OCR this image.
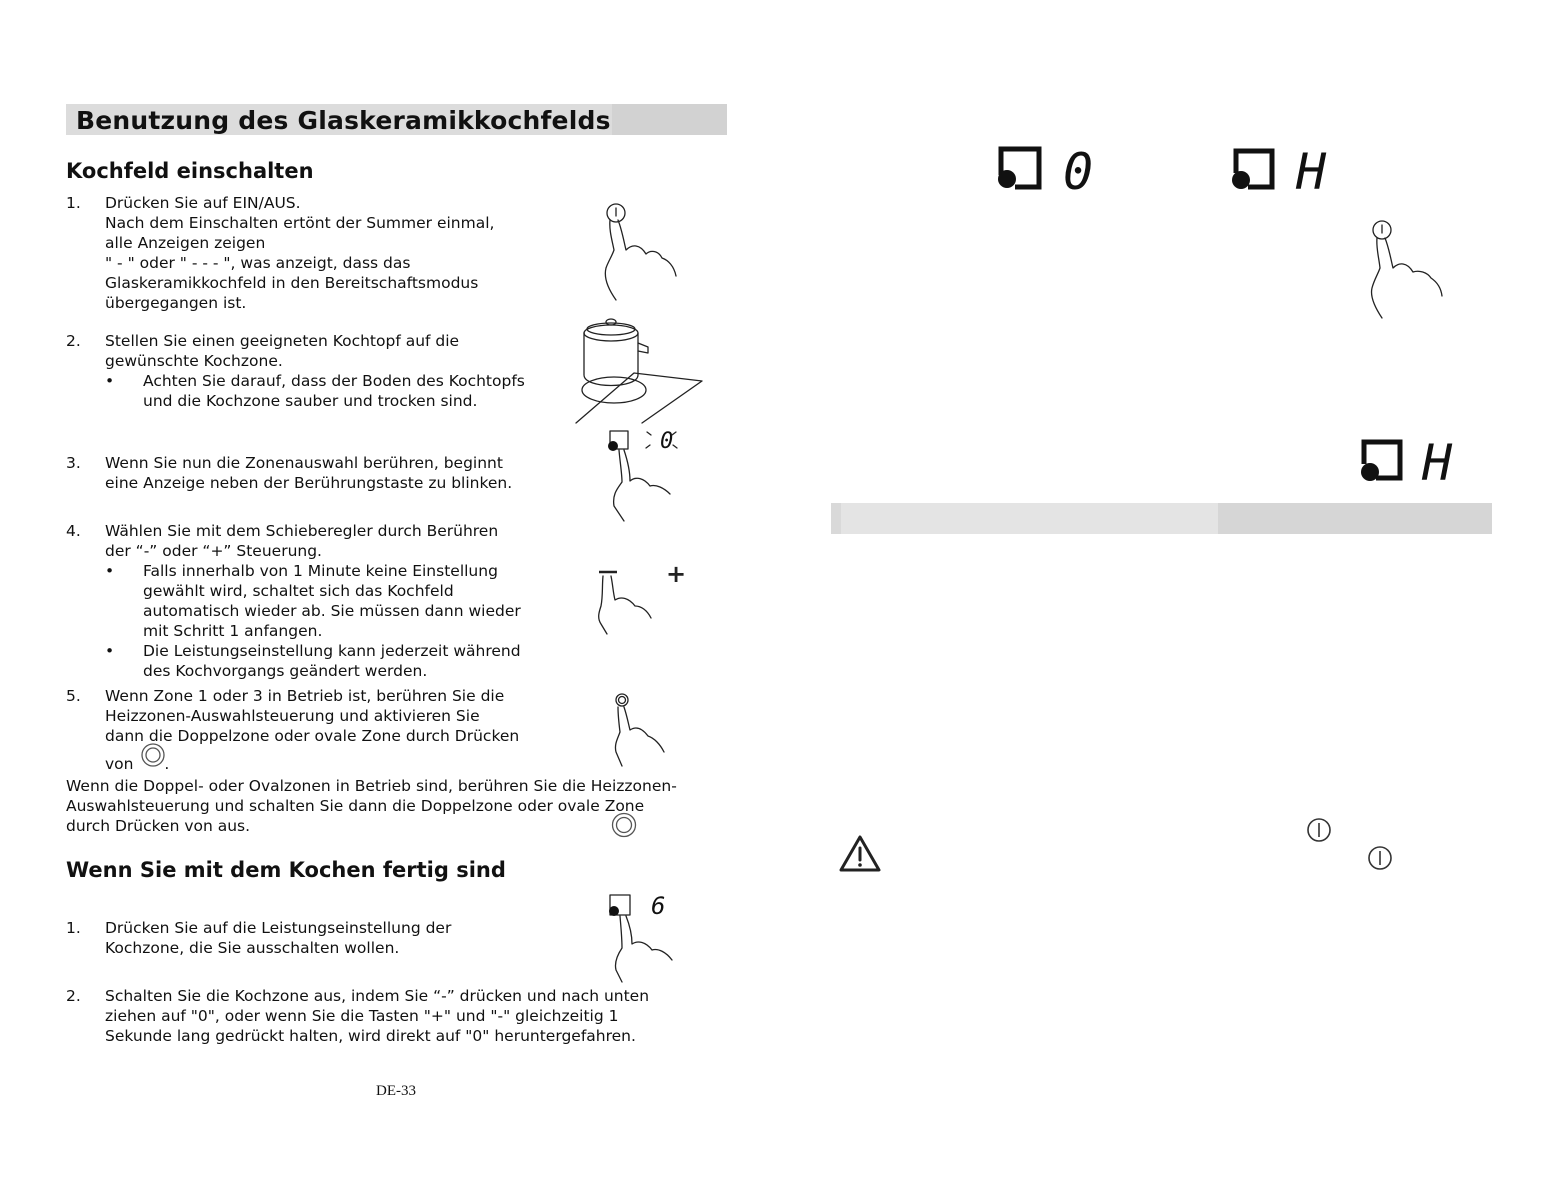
Benutzung des Glaskeramikkochfelds
Kochfeld einschalten
1. Drücken Sie auf EIN/AUS.
Nach dem Einschalten ertönt der Summer einmal,
alle Anzeigen zeigen
" - " oder " - - - ", was anzeigt, dass das
Glaskeramikkochfeld in den Bereitschaftsmodus
übergegangen ist.
2. Stellen Sie einen geeigneten Kochtopf auf die
gewünschte Kochzone.
• Achten Sie darauf, dass der Boden des Kochtopfs
und die Kochzone sauber und trocken sind.
3. Wenn Sie nun die Zonenauswahl berühren, beginnt
eine Anzeige neben der Berührungstaste zu blinken.
4. Wählen Sie mit dem Schieberegler durch Berühren
der “-” oder “+” Steuerung.
• Falls innerhalb von 1 Minute keine Einstellung
gewählt wird, schaltet sich das Kochfeld
automatisch wieder ab. Sie müssen dann wieder
mit Schritt 1 anfangen.
• Die Leistungseinstellung kann jederzeit während
des Kochvorgangs geändert werden.
5. Wenn Zone 1 oder 3 in Betrieb ist, berühren Sie die
Heizzonen-Auswahlsteuerung und aktivieren Sie
dann die Doppelzone oder ovale Zone durch Drücken
von .
Wenn die Doppel- oder Ovalzonen in Betrieb sind, berühren Sie die Heizzonen-
Auswahlsteuerung und schalten Sie dann die Doppelzone oder ovale Zone
durch Drücken von aus.
Wenn Sie mit dem Kochen fertig sind
1. Drücken Sie auf die Leistungseinstellung der
Kochzone, die Sie ausschalten wollen.
2. Schalten Sie die Kochzone aus, indem Sie “-” drücken und nach unten
ziehen auf "0", oder wenn Sie die Tasten "+" und "-" gleichzeitig 1
Sekunde lang gedrückt halten, wird direkt auf "0" heruntergefahren.
DE-33
0
+
6
0	H
H
